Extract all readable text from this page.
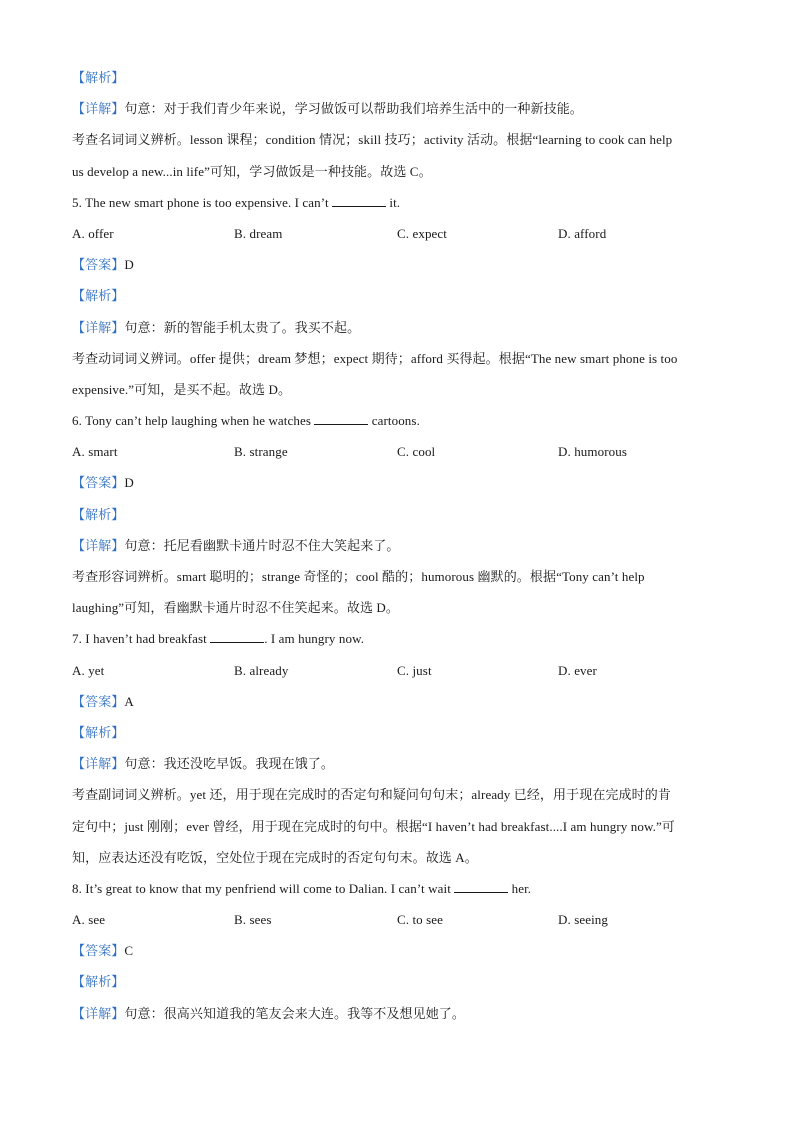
【解析】
【详解】句意：对于我们青少年来说，学习做饭可以帮助我们培养生活中的一种新技能。
考查名词词义辨析。lesson 课程；condition 情况；skill 技巧；activity 活动。根据“learning to cook can help
us develop a new...in life”可知，学习做饭是一种技能。故选 C。
5. The new smart phone is too expensive. I can’t	it.
A. offer	B. dream	C. expect	D. afford
【答案】D
【解析】
【详解】句意：新的智能手机太贵了。我买不起。
考查动词词义辨词。offer 提供；dream 梦想；expect 期待；afford 买得起。根据“The new smart phone is too
expensive.”可知，是买不起。故选 D。
6. Tony can’t help laughing when he watches	cartoons.
A. smart	B. strange	C. cool	D. humorous
【答案】D
【解析】
【详解】句意：托尼看幽默卡通片时忍不住大笑起来了。
考查形容词辨析。smart 聪明的；strange 奇怪的；cool 酷的；humorous 幽默的。根据“Tony can’t help
laughing”可知，看幽默卡通片时忍不住笑起来。故选 D。
7. I haven’t had breakfast	. I am hungry now.
A. yet	B. already	C. just	D. ever
【答案】A
【解析】
【详解】句意：我还没吃早饭。我现在饿了。
考查副词词义辨析。yet 还，用于现在完成时的否定句和疑问句句末；already 已经，用于现在完成时的肯
定句中；just 刚刚；ever 曾经，用于现在完成时的句中。根据“I haven’t had breakfast....I am hungry now.”可
知，应表达还没有吃饭，空处位于现在完成时的否定句句末。故选 A。
8. It’s great to know that my penfriend will come to Dalian. I can’t wait	her.
A. see	B. sees	C. to see	D. seeing
【答案】C
【解析】
【详解】句意：很高兴知道我的笔友会来大连。我等不及想见她了。
